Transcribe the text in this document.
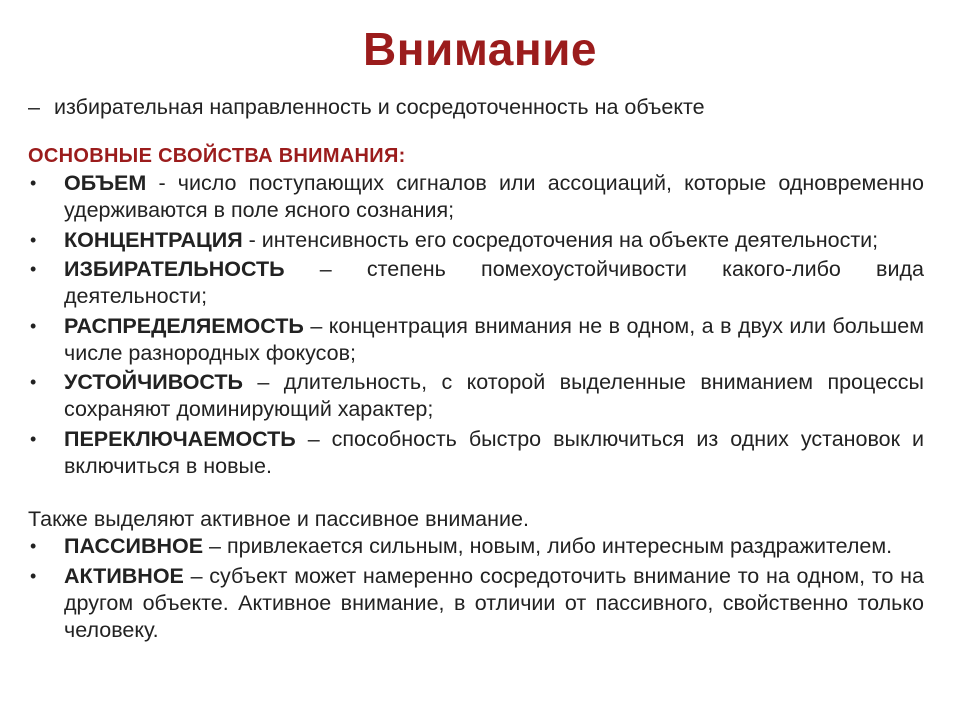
Внимание

– избирательная направленность и сосредоточенность на объекте

ОСНОВНЫЕ СВОЙСТВА ВНИМАНИЯ:

• ОБЪЕМ - число поступающих сигналов или ассоциаций, которые одновременно удерживаются в поле ясного сознания;
• КОНЦЕНТРАЦИЯ - интенсивность его сосредоточения на объекте деятельности;
• ИЗБИРАТЕЛЬНОСТЬ – степень помехоустойчивости какого-либо вида деятельности;
• РАСПРЕДЕЛЯЕМОСТЬ – концентрация внимания не в одном, а в двух или большем числе разнородных фокусов;
• УСТОЙЧИВОСТЬ – длительность, с которой выделенные вниманием процессы сохраняют доминирующий характер;
• ПЕРЕКЛЮЧАЕМОСТЬ – способность быстро выключиться из одних установок и включиться в новые.

Также выделяют активное и пассивное внимание.

• ПАССИВНОЕ – привлекается сильным, новым, либо интересным раздражителем.
• АКТИВНОЕ – субъект может намеренно сосредоточить внимание то на одном, то на другом объекте. Активное внимание, в отличии от пассивного, свойственно только человеку.
